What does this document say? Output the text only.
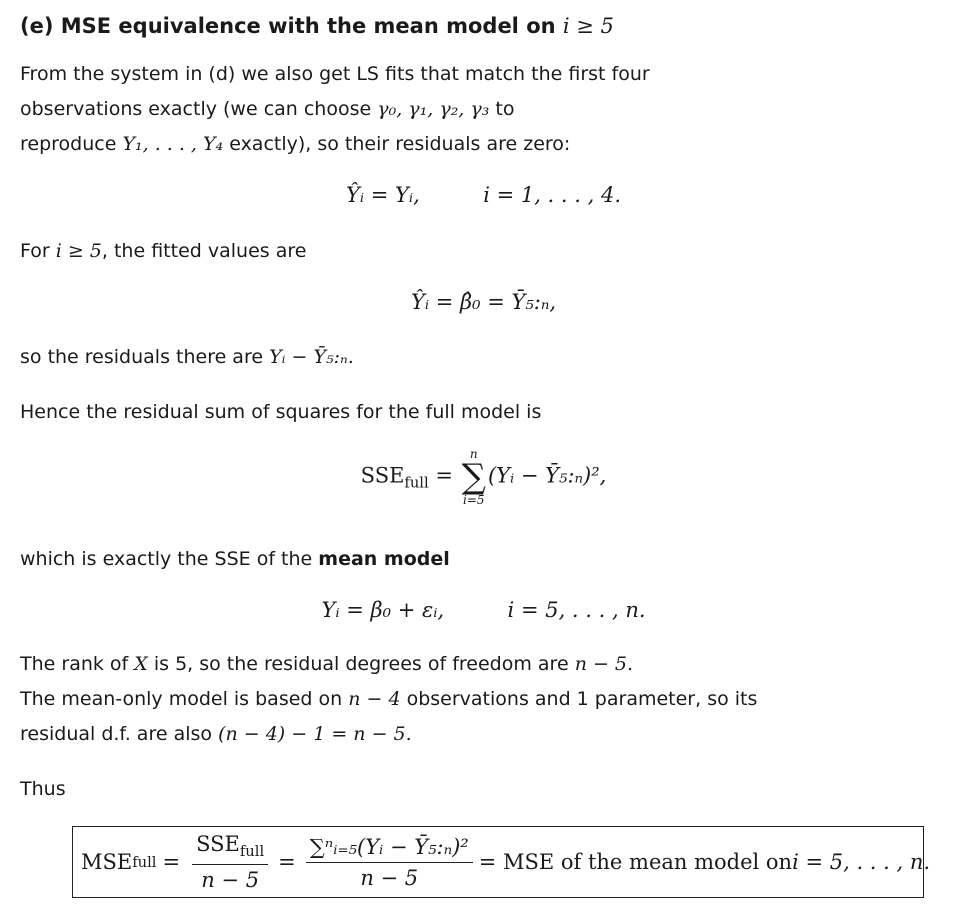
(e) MSE equivalence with the mean model on i ≥ 5
From the system in (d) we also get LS fits that match the first four
observations exactly (we can choose γ₀, γ₁, γ₂, γ₃ to
reproduce Y₁, . . . , Y₄ exactly), so their residuals are zero:
Ŷᵢ = Yᵢ,	i = 1, . . . , 4.
For i ≥ 5, the fitted values are
Ŷᵢ = β̂₀ = Ȳ₅:ₙ,
so the residuals there are Yᵢ − Ȳ₅:ₙ.
Hence the residual sum of squares for the full model is
$SSE_{full}$ =
n
∑
i=5
(Yᵢ − Ȳ₅:ₙ)²,
which is exactly the SSE of the mean model
Yᵢ = β₀ + εᵢ,	i = 5, . . . , n.
The rank of X is 5, so the residual degrees of freedom are n − 5.
The mean-only model is based on n − 4 observations and 1 parameter, so its
residual d.f. are also (n − 4) − 1 = n − 5.
Thus
MSE full = $\frac{SSE_{full}}{n - 5} = \frac{\text{∑ⁿᵢ₌₅(Yᵢ − Ȳ₅:ₙ)²}}{n - 5}$ = MSE of the mean model on i = 5, . . . , n.
